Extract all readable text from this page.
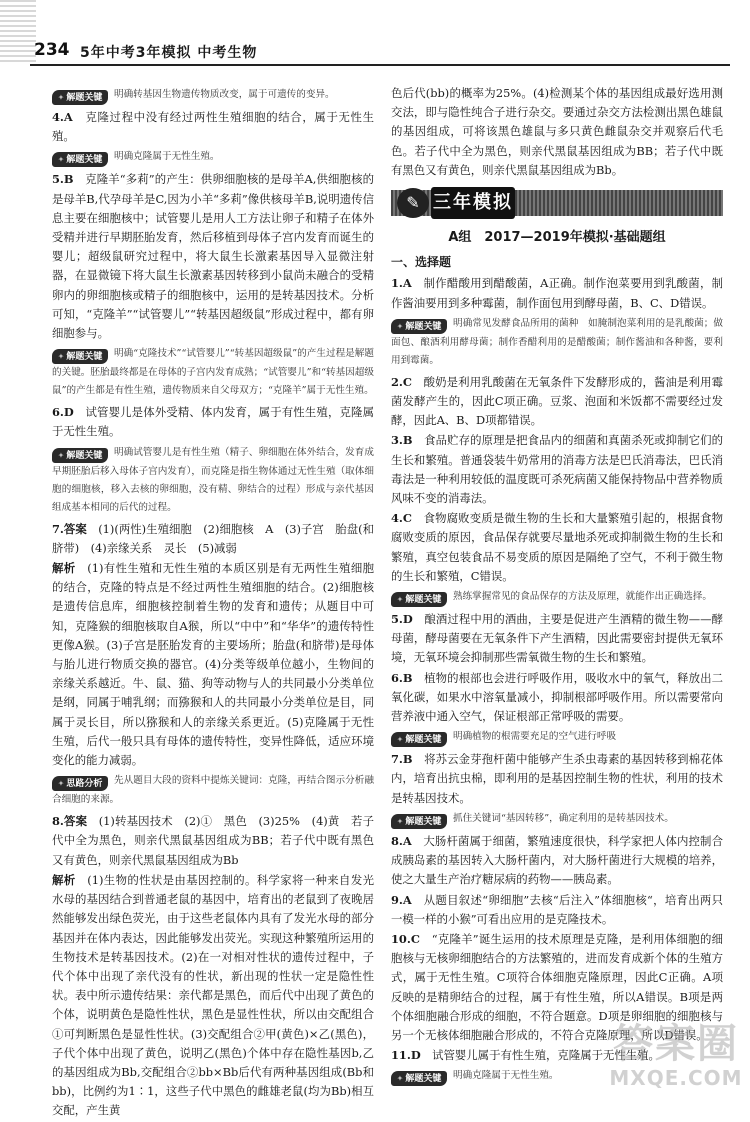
234 5年中考3年模拟 中考生物
✦ 解题关键 明确转基因生物遗传物质改变，属于可遗传的变异。
4.A　 克隆过程中没有经过两性生殖细胞的结合，属于无性生殖。
✦ 解题关键 明确克隆属于无性生殖。
5.B　 克隆羊“多莉”的产生：供卵细胞核的是母羊A,供细胞核的是母羊B,代孕母羊是C,因为小羊“多莉”像供核母羊B,说明遗传信息主要在细胞核中；试管婴儿是用人工方法让卵子和精子在体外受精并进行早期胚胎发育，然后移植到母体子宫内发育而诞生的婴儿；超级鼠研究过程中，将大鼠生长激素基因导入显微注射器，在显微镜下将大鼠生长激素基因转移到小鼠尚未融合的受精卵内的卵细胞核或精子的细胞核中，运用的是转基因技术。分析可知，“克隆羊”“试管婴儿”“转基因超级鼠”形成过程中，都有卵细胞参与。
✦ 解题关键 明确“克隆技术”“试管婴儿”“转基因超级鼠”的产生过程是解题的关键。胚胎最终都是在母体的子宫内发育成熟；“试管婴儿”和“转基因超级鼠”的产生都是有性生殖，遗传物质来自父母双方；“克隆羊”属于无性生殖。
6.D　 试管婴儿是体外受精、体内发育，属于有性生殖，克隆属于无性生殖。
✦ 解题关键 明确试管婴儿是有性生殖（精子、卵细胞在体外结合，发育成早期胚胎后移入母体子宫内发育），而克隆是指生物体通过无性生殖（取体细胞的细胞核，移入去核的卵细胞，没有精、卵结合的过程）形成与亲代基因组成基本相同的后代的过程。
7.答案　 (1)(两性)生殖细胞　(2)细胞核　A　(3)子宫　胎盘(和脐带)　(4)亲缘关系　灵长　(5)减弱
解析　 (1)有性生殖和无性生殖的本质区别是有无两性生殖细胞的结合，克隆的特点是不经过两性生殖细胞的结合。(2)细胞核是遗传信息库，细胞核控制着生物的发育和遗传；从题目中可知，克隆猴的细胞核取自A猴，所以“中中”和“华华”的遗传特性更像A猴。(3)子宫是胚胎发育的主要场所；胎盘(和脐带)是母体与胎儿进行物质交换的器官。(4)分类等级单位越小，生物间的亲缘关系越近。牛、鼠、猫、狗等动物与人的共同最小分类单位是纲，同属于哺乳纲；而猕猴和人的共同最小分类单位是目，同属于灵长目，所以猕猴和人的亲缘关系更近。(5)克隆属于无性生殖，后代一般只具有母体的遗传特性，变异性降低，适应环境变化的能力减弱。
✦ 思路分析 先从题目大段的资料中提炼关键词：克隆，再结合图示分析融合细胞的来源。
8.答案　 (1)转基因技术　(2)①　黑色　(3)25%　(4)黄　若子代中全为黑色，则亲代黑鼠基因组成为BB；若子代中既有黑色又有黄色，则亲代黑鼠基因组成为Bb
解析　 (1)生物的性状是由基因控制的。科学家将一种来自发光水母的基因结合到普通老鼠的基因中，培育出的老鼠到了夜晚居然能够发出绿色荧光，由于这些老鼠体内具有了发光水母的部分基因并在体内表达，因此能够发出荧光。实现这种繁殖所运用的生物技术是转基因技术。(2)在一对相对性状的遗传过程中，子代个体中出现了亲代没有的性状，新出现的性状一定是隐性性状。表中所示遗传结果：亲代都是黑色，而后代中出现了黄色的个体，说明黄色是隐性性状，黑色是显性性状，所以由交配组合①可判断黑色是显性性状。(3)交配组合②甲(黄色)×乙(黑色)，子代个体中出现了黄色，说明乙(黑色)个体中存在隐性基因b,乙的基因组成为Bb,交配组合②bb×Bb后代有两种基因组成(Bb和bb)，比例约为1∶1，这些子代中黑色的雌雄老鼠(均为Bb)相互交配，产生黄
色后代(bb)的概率为25%。(4)检测某个体的基因组成最好选用测交法，即与隐性纯合子进行杂交。要通过杂交方法检测出黑色雄鼠的基因组成，可将该黑色雄鼠与多只黄色雌鼠杂交并观察后代毛色。若子代中全为黑色，则亲代黑鼠基因组成为BB；若子代中既有黑色又有黄色，则亲代黑鼠基因组成为Bb。
✎ 三年模拟
A组　2017—2019年模拟·基础题组
一、选择题
1.A　 制作醋酸用到醋酸菌，A正确。制作泡菜要用到乳酸菌，制作酱油要用到多种霉菌，制作面包用到酵母菌，B、C、D错误。
✦ 解题关键 明确常见发酵食品所用的菌种　如腌制泡菜利用的是乳酸菌；做面包、酿酒利用酵母菌；制作香醋利用的是醋酸菌；制作酱油和各种酱，要利用到霉菌。
2.C　 酸奶是利用乳酸菌在无氧条件下发酵形成的，酱油是利用霉菌发酵产生的，因此C项正确。豆浆、泡面和米饭都不需要经过发酵，因此A、B、D项都错误。
3.B　 食品贮存的原理是把食品内的细菌和真菌杀死或抑制它们的生长和繁殖。普通袋装牛奶常用的消毒方法是巴氏消毒法，巴氏消毒法是一种利用较低的温度既可杀死病菌又能保持物品中营养物质风味不变的消毒法。
4.C　 食物腐败变质是微生物的生长和大量繁殖引起的，根据食物腐败变质的原因，食品保存就要尽量地杀死或抑制微生物的生长和繁殖，真空包装食品不易变质的原因是隔绝了空气，不利于微生物的生长和繁殖，C错误。
✦ 解题关键 熟练掌握常见的食品保存的方法及原理，就能作出正确选择。
5.D　 酿酒过程中用的酒曲，主要是促进产生酒精的微生物——酵母菌，酵母菌要在无氧条件下产生酒精，因此需要密封提供无氧环境，无氧环境会抑制那些需氧微生物的生长和繁殖。
6.B　 植物的根部也会进行呼吸作用，吸收水中的氧气，释放出二氧化碳，如果水中溶氧量减小，抑制根部呼吸作用。所以需要常向营养液中通入空气，保证根部正常呼吸的需要。
✦ 解题关键 明确植物的根需要充足的空气进行呼吸
7.B　 将苏云金芽孢杆菌中能够产生杀虫毒素的基因转移到棉花体内，培育出抗虫棉，即利用的是基因控制生物的性状，利用的技术是转基因技术。
✦ 解题关键 抓住关键词“基因转移”，确定利用的是转基因技术。
8.A　 大肠杆菌属于细菌，繁殖速度很快，科学家把人体内控制合成胰岛素的基因转入大肠杆菌内，对大肠杆菌进行大规模的培养，使之大量生产治疗糖尿病的药物——胰岛素。
9.A　 从题目叙述“卵细胞”去核“后注入”体细胞核“，培育出两只一模一样的小猴”可看出应用的是克隆技术。
10.C　 “克隆羊”诞生运用的技术原理是克隆，是利用体细胞的细胞核与无核卵细胞结合的方法繁殖的，进而发育成新个体的生殖方式，属于无性生殖。C项符合体细胞克隆原理，因此C正确。A项反映的是精卵结合的过程，属于有性生殖，所以A错误。B项是两个体细胞融合形成的细胞，不符合题意。D项是卵细胞的细胞核与另一个无核体细胞融合形成的，不符合克隆原理，所以D错误。
11.D　 试管婴儿属于有性生殖，克隆属于无性生殖。
✦ 解题关键 明确克隆属于无性生殖。
答案圈
MXQE.COM
